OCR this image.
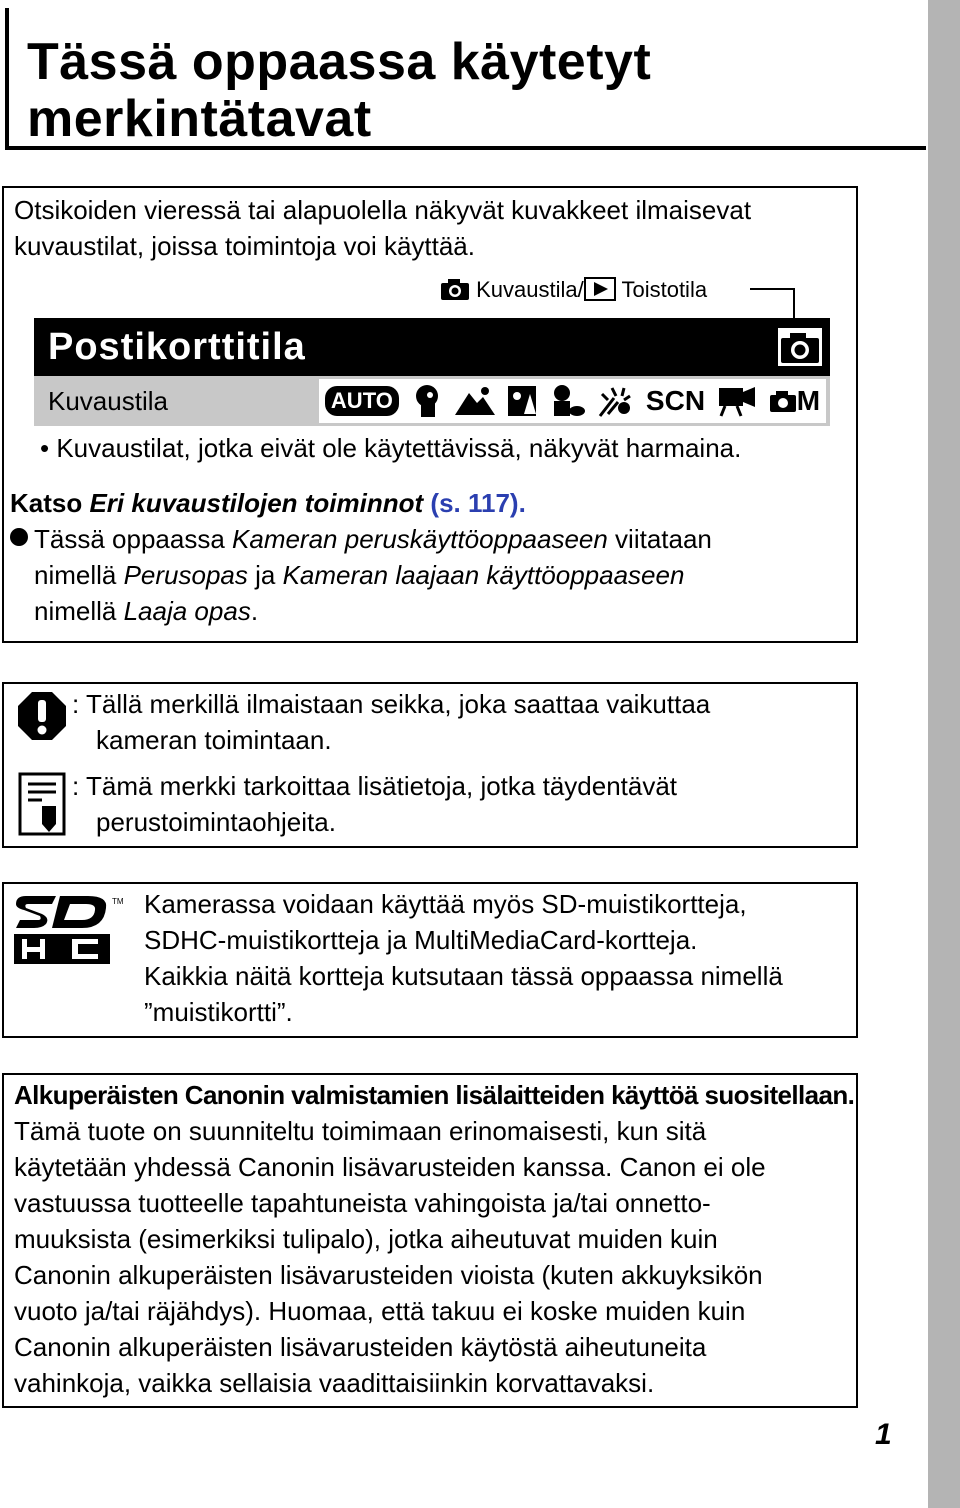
Tässä oppaassa käytetyt
merkintätavat
Otsikoiden vieressä tai alapuolella näkyvät kuvakkeet ilmaisevat
kuvaustilat, joissa toimintoja voi käyttää.
Kuvaustila/ Toistotila
Postikorttitila
Kuvaustila	AUTO	SCN	M
• Kuvaustilat, jotka eivät ole käytettävissä, näkyvät harmaina.
Katso Eri kuvaustilojen toiminnot (s. 117).
Tässä oppaassa Kameran peruskäyttöoppaaseen viitataan
nimellä Perusopas ja Kameran laajaan käyttöoppaaseen
nimellä Laaja opas.
: Tällä merkillä ilmaistaan seikka, joka saattaa vaikuttaa
kameran toimintaan.
: Tämä merkki tarkoittaa lisätietoja, jotka täydentävät
perustoimintaohjeita.
TM Kamerassa voidaan käyttää myös SD-muistikortteja,
SDHC-muistikortteja ja MultiMediaCard-kortteja.
Kaikkia näitä kortteja kutsutaan tässä oppaassa nimellä
”muistikortti”.
Alkuperäisten Canonin valmistamien lisälaitteiden käyttöä suositellaan.
Tämä tuote on suunniteltu toimimaan erinomaisesti, kun sitä
käytetään yhdessä Canonin lisävarusteiden kanssa. Canon ei ole
vastuussa tuotteelle tapahtuneista vahingoista ja/tai onnetto-
muuksista (esimerkiksi tulipalo), jotka aiheutuvat muiden kuin
Canonin alkuperäisten lisävarusteiden vioista (kuten akkuyksikön
vuoto ja/tai räjähdys). Huomaa, että takuu ei koske muiden kuin
Canonin alkuperäisten lisävarusteiden käytöstä aiheutuneita
vahinkoja, vaikka sellaisia vaadittaisiinkin korvattavaksi.
1
